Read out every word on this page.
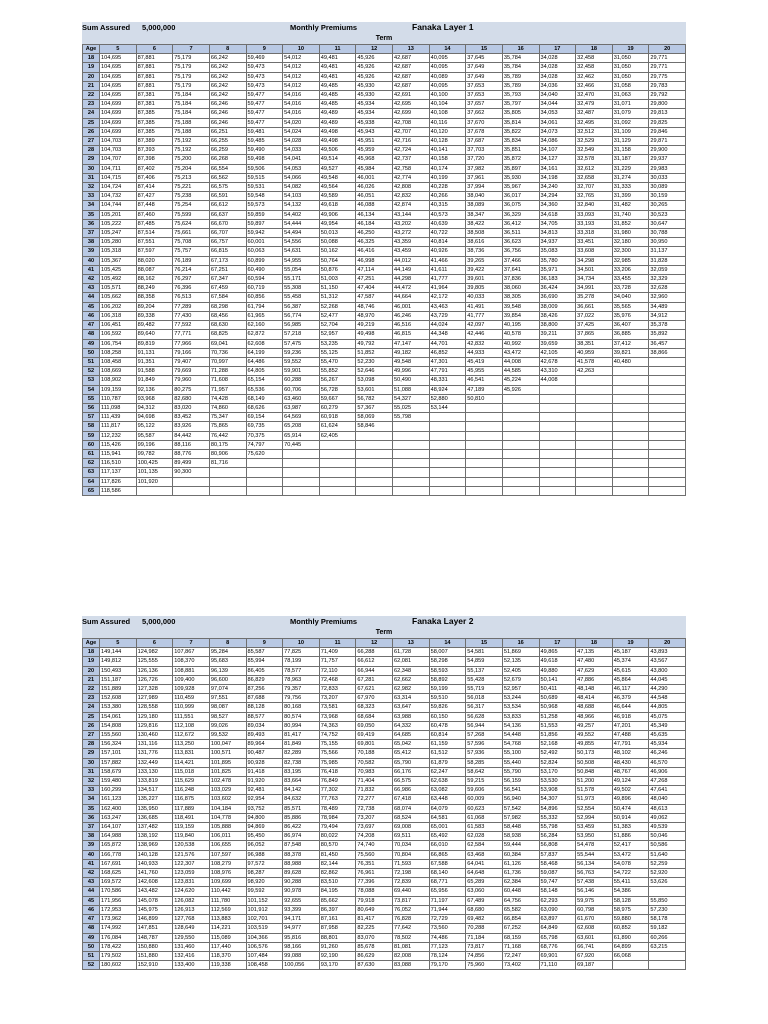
Sum Assured 5,000,000	Monthly Premiums	Fanaka Layer 1
Term
Age	5	6	7	8	9	10	11	12	13	14	15	16	17	18	19	20
18	104,695	87,881	75,179	66,242	59,469	54,012	49,481	45,926	42,687	40,095	37,645	35,784	34,028	32,458	31,050	29,771
19	104,695	87,881	75,179	66,242	59,473	54,012	49,481	45,926	42,687	40,095	37,649	35,784	34,028	32,458	31,050	29,771
20	104,695	87,881	75,179	66,242	59,473	54,012	49,481	45,926	42,687	40,089	37,649	35,789	34,028	32,462	31,050	29,775
21	104,695	87,881	75,179	66,242	59,473	54,012	49,485	45,930	42,687	40,095	37,653	35,789	34,036	32,466	31,058	29,783
22	104,695	87,381	75,184	66,242	59,477	54,016	49,485	45,930	42,691	40,100	37,653	35,793	34,040	32,470	31,063	29,792
23	104,699	87,381	75,184	66,246	59,477	54,016	49,485	45,934	42,695	40,104	37,657	35,797	34,044	32,479	31,071	29,800
24	104,699	87,385	75,184	66,246	59,477	54,016	49,489	45,934	42,699	40,108	37,662	35,805	34,053	32,487	31,079	29,813
25	104,699	87,385	75,188	66,246	59,477	54,020	49,489	45,938	42,708	40,116	37,670	35,814	34,061	32,495	31,092	29,825
26	104,699	87,385	75,188	66,251	59,481	54,024	49,498	45,943	42,707	40,120	37,678	35,822	34,073	32,512	31,109	29,846
27	104,703	87,389	75,192	66,255	59,485	54,028	49,498	45,951	42,716	40,128	37,687	35,834	34,086	32,529	31,129	29,871
28	104,703	87,393	75,192	66,259	59,490	54,033	49,506	45,959	42,724	40,141	37,703	35,851	34,107	32,549	31,158	29,900
29	104,707	87,398	75,200	66,268	59,498	54,041	49,514	45,968	42,737	40,158	37,720	35,872	34,127	32,578	31,187	29,937
30	104,711	87,402	75,204	66,554	59,506	54,053	49,527	45,984	42,758	40,174	37,982	35,897	34,161	32,612	31,229	29,983
31	104,715	87,406	75,213	66,562	59,515	54,066	49,548	46,001	42,774	40,199	37,961	35,930	34,198	32,658	31,274	30,033
32	104,724	87,414	75,221	66,575	59,531	54,082	49,564	46,026	42,808	40,228	37,994	35,967	34,240	32,707	31,333	30,089
33	104,732	87,427	75,238	66,591	59,548	54,103	49,589	46,051	42,832	40,266	38,040	36,017	34,294	32,765	31,399	30,159
34	104,744	87,448	75,254	66,612	59,573	54,132	49,618	46,088	42,874	40,315	38,089	36,075	34,360	32,840	31,482	30,265
35	105,201	87,460	75,599	66,637	59,859	54,402	49,906	46,134	43,144	40,573	38,347	36,329	34,618	33,093	31,740	30,523
36	105,222	87,485	75,624	66,670	59,897	54,444	49,954	46,184	43,202	40,639	38,422	36,412	34,705	33,193	31,852	30,647
37	105,247	87,514	75,661	66,707	59,942	54,494	50,013	46,250	43,272	40,722	38,508	36,511	34,813	33,318	31,980	30,788
38	105,280	87,551	75,708	66,757	60,001	54,556	50,088	46,325	43,359	40,814	38,616	36,623	34,937	33,451	32,180	30,950
39	105,318	87,597	75,757	66,815	60,063	54,631	50,162	46,416	43,459	40,926	38,736	36,756	35,083	33,608	32,300	31,137
40	105,367	88,020	76,189	67,173	60,899	54,955	50,764	46,998	44,012	41,466	39,265	37,466	35,780	34,298	32,985	31,828
41	105,425	88,087	76,214	67,251	60,490	55,054	50,876	47,114	44,149	41,611	39,422	37,641	35,971	34,501	33,206	32,059
42	105,492	88,162	76,297	67,347	60,594	55,171	51,003	47,251	44,298	41,777	39,601	37,836	36,183	34,734	33,455	32,329
43	105,571	88,249	76,396	67,459	60,719	55,308	51,150	47,404	44,472	41,964	39,805	38,060	36,424	34,991	33,728	32,628
44	105,662	88,358	76,513	67,584	60,856	55,458	51,312	47,587	44,664	42,172	40,033	38,305	36,690	35,278	34,040	32,960
45	106,202	89,204	77,289	68,298	61,794	56,387	52,268	48,746	46,001	43,463	41,491	39,548	38,009	36,661	35,565	34,489
46	106,318	89,338	77,430	68,456	61,965	56,774	52,477	48,970	46,246	43,729	41,777	39,854	38,426	37,022	35,976	34,912
47	106,451	89,482	77,592	68,630	62,160	56,985	52,704	49,219	46,516	44,024	42,097	40,195	38,800	37,425	36,407	35,378
48	106,592	89,640	77,771	68,825	62,872	57,218	52,957	49,498	46,815	44,348	42,446	40,578	39,211	37,865	36,885	35,892
49	106,754	89,819	77,966	69,041	62,608	57,475	53,235	49,792	47,147	44,701	42,832	40,992	39,659	38,351	37,412	36,457
50	108,258	91,131	79,166	70,736	64,199	59,236	55,125	51,852	49,182	46,852	44,933	43,472	42,105	40,959	39,821	38,866
51	108,458	91,351	79,407	70,997	64,486	59,552	55,470	52,230	49,548	47,301	45,419	44,008	42,678	41,578	40,480	
52	108,669	91,588	79,669	71,288	64,805	59,901	55,852	52,646	49,996	47,791	45,955	44,585	43,310	42,263		
53	108,902	91,849	79,960	71,608	65,154	60,288	56,267	53,098	50,490	48,331	46,541	45,224	44,008			
54	109,159	92,136	80,275	71,957	65,536	60,706	56,728	53,601	51,088	48,924	47,189	45,926				
55	110,787	93,968	82,680	74,428	68,149	63,460	59,667	56,782	54,327	52,880	50,810					
56	111,098	94,312	83,020	74,860	68,626	63,987	60,279	57,367	55,025	53,144						
57	111,439	94,698	83,452	75,347	69,154	64,569	60,918	58,069	55,798							
58	111,817	95,122	83,926	75,865	69,735	65,208	61,624	58,846								
59	112,232	95,587	84,442	76,442	70,375	65,914	62,405									
60	115,426	99,196	88,116	80,175	74,797	70,445										
61	115,941	99,782	88,776	80,906	75,620											
62	116,510	100,425	89,499	81,716												
63	117,137	101,135	90,300													
64	117,826	101,920														
65	118,586															
Sum Assured 5,000,000	Monthly Premiums	Fanaka Layer 2
Term
Age	5	6	7	8	9	10	11	12	13	14	15	16	17	18	19	20
18	149,144	124,982	107,867	95,284	85,587	77,825	71,409	66,288	61,728	58,007	54,581	51,869	49,865	47,135	45,187	43,893
19	149,812	125,555	108,370	95,683	85,994	78,199	71,757	66,612	62,081	58,298	54,859	52,135	49,618	47,480	45,374	43,567
20	150,493	126,136	108,881	96,139	86,405	78,577	72,110	66,944	62,348	58,593	55,137	52,405	49,880	47,629	45,615	43,800
21	151,187	126,726	109,400	96,600	86,829	78,963	72,468	67,281	62,662	58,892	55,428	52,679	50,141	47,886	45,864	44,045
22	151,889	127,328	109,928	97,074	87,256	79,357	72,833	67,621	62,982	59,199	55,719	52,957	50,411	48,148	46,117	44,290
23	152,608	127,989	110,459	97,551	87,688	79,756	73,207	67,970	63,314	59,510	56,018	53,244	50,689	48,414	46,379	44,548
24	153,380	128,558	110,999	98,087	88,128	80,168	73,581	68,323	63,647	59,826	56,317	53,534	50,968	48,688	46,644	44,805
25	154,061	129,180	111,551	98,527	88,577	80,574	73,968	68,684	63,988	60,150	56,628	53,833	51,258	48,966	46,918	45,075
26	154,808	129,816	112,108	99,026	89,034	80,994	74,363	69,050	64,332	60,478	56,944	54,136	51,553	49,257	47,201	45,349
27	155,560	130,460	112,672	99,532	89,493	81,417	74,752	69,419	64,685	60,814	57,268	54,448	51,856	49,552	47,488	45,635
28	156,324	131,116	113,250	100,047	89,964	81,849	75,155	69,801	65,042	61,159	57,596	54,768	52,168	49,855	47,791	45,934
29	157,101	131,776	113,831	100,571	90,487	82,289	75,566	70,188	65,412	61,512	57,936	55,100	52,492	50,173	48,102	46,246
30	157,882	132,449	114,421	101,895	90,928	82,738	75,985	70,582	65,790	61,879	58,285	55,440	52,824	50,508	48,430	46,570
31	158,679	133,130	115,018	101,825	91,418	83,195	76,418	70,983	66,176	62,247	58,642	55,790	53,170	50,848	48,767	46,906
32	159,480	133,819	115,629	102,478	91,920	83,664	76,849	71,404	66,575	62,638	59,215	56,159	53,530	51,200	49,124	47,268
33	160,299	134,517	116,248	103,029	92,481	84,142	77,302	71,832	66,986	63,082	59,606	56,541	53,908	51,578	49,502	47,641
34	161,123	135,227	116,875	103,602	92,954	84,632	77,763	72,277	67,418	63,448	60,009	56,940	54,307	51,973	49,896	48,040
35	162,400	135,950	117,889	104,184	93,752	85,571	78,489	72,738	68,074	64,079	60,623	57,542	54,896	52,554	50,474	48,613
36	163,247	136,685	118,491	104,778	94,800	85,886	78,984	73,207	68,524	64,581	61,068	57,982	55,332	52,994	50,914	49,062
37	164,107	137,482	119,159	105,888	94,869	86,422	79,494	73,697	69,008	65,001	61,583	58,448	55,798	53,459	51,383	49,539
38	164,988	138,192	119,840	106,011	95,450	86,974	80,022	74,208	69,511	65,492	62,028	58,938	56,284	53,950	51,886	50,046
39	165,872	138,969	120,538	106,655	96,052	87,548	80,570	74,740	70,034	66,010	62,584	59,444	56,808	54,478	52,417	50,586
40	166,778	140,128	121,576	107,597	96,988	88,378	81,450	75,560	70,804	66,865	63,468	60,384	57,837	55,544	53,472	51,640
41	167,691	140,933	122,307	108,279	97,572	88,988	82,144	76,351	71,593	67,588	64,041	61,126	58,468	56,134	54,078	52,259
42	168,625	141,760	123,059	108,976	98,287	89,628	82,862	76,961	72,198	68,140	64,648	61,736	59,087	56,763	54,722	52,920
43	169,572	142,608	123,831	109,699	98,920	90,288	83,510	77,396	72,839	68,771	65,289	62,384	59,747	57,438	55,411	53,626
44	170,586	143,482	124,620	110,442	99,592	90,978	84,195	78,088	69,440	65,956	63,060	60,448	58,148	56,146	54,386	
45	171,956	145,078	126,082	111,780	101,152	92,655	85,662	79,918	73,817	71,197	67,489	64,756	62,293	59,975	58,128	55,850
46	172,953	145,975	126,913	112,569	101,912	93,399	86,397	80,649	76,052	71,944	68,680	65,582	63,090	60,798	58,975	57,230
47	173,962	146,899	127,768	113,883	102,701	94,171	87,161	81,417	76,828	72,729	69,482	66,854	63,897	61,670	59,880	58,178
48	174,992	147,851	128,649	114,221	103,519	94,977	87,958	82,225	77,642	73,560	70,288	67,252	64,849	62,608	60,852	59,182
49	176,084	148,787	129,550	115,089	104,366	95,816	88,801	83,070	78,502	74,486	71,184	68,159	65,798	63,601	61,890	60,266
50	178,422	150,880	131,460	117,440	106,576	98,166	91,260	85,678	81,081	77,123	73,817	71,168	68,776	66,741	64,899	63,215
51	179,502	151,880	132,416	118,370	107,484	99,088	92,190	86,629	82,008	78,124	74,856	72,247	69,901	67,920	66,068	
52	180,602	152,910	133,400	119,338	108,458	100,056	93,170	87,630	83,088	79,170	75,960	73,402	71,110	69,187		
